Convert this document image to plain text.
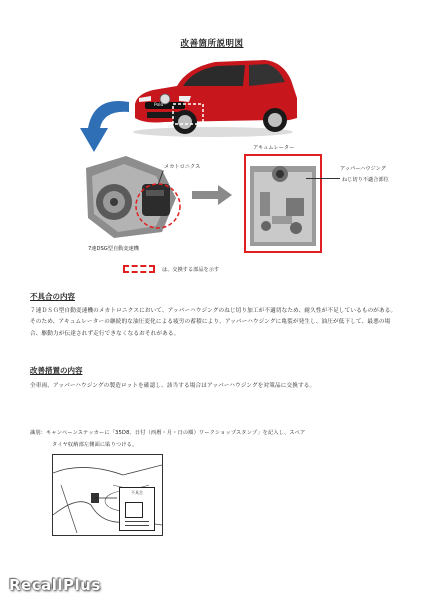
改善箇所説明図
Polo
メカトロニクス
7速DSG型自動変速機
アキュムレーター
アッパーハウジング
ねじ切り不適合部位
は、交換する部品を示す
不具合の内容
７速ＤＳＧ型自動変速機のメカトロニクスにおいて、アッパーハウジングのねじ切り加工が不適切なため、耐久性が不足しているものがある。そのため、アキュムレーターの継続的な油圧変化による疲労の蓄積により、アッパーハウジングに亀裂が発生し、油圧が低下して、最悪の場合、駆動力が伝達されず走行できなくなるおそれがある。
改善措置の内容
全車両、アッパーハウジングの製造ロットを確認し、該当する場合はアッパーハウジングを対策品に交換する。
識別：キャンペーンステッカーに「35D8、日付（西暦・月・日の順）ワークショップスタンプ」を記入し、スペア
タイヤ収納部左側面に貼りつける。
不具合
RecallPlus
